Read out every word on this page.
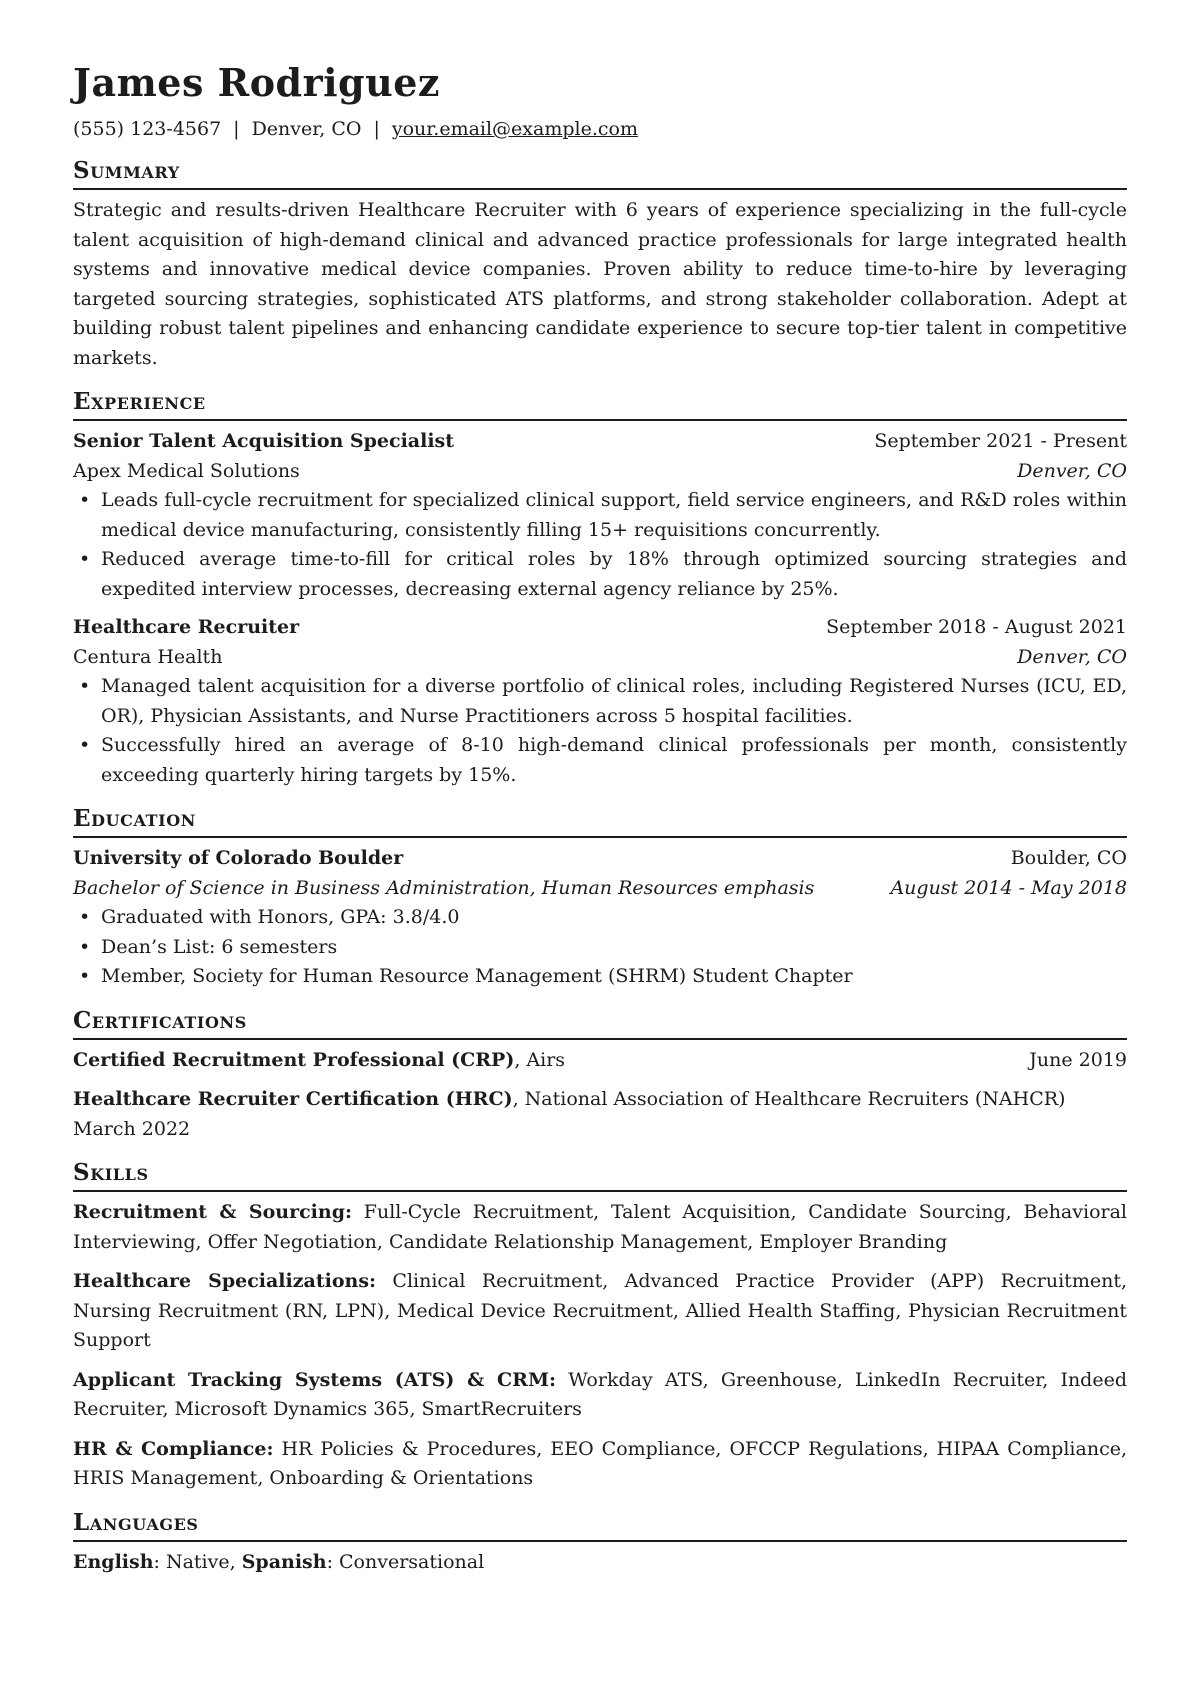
James Rodriguez
(555) 123-4567 | Denver, CO | your.email@example.com
Summary
Strategic and results-driven Healthcare Recruiter with 6 years of experience specializing in the full-cycle talent acquisition of high-demand clinical and advanced practice professionals for large integrated health systems and innovative medical device companies. Proven ability to reduce time-to-hire by leveraging targeted sourcing strategies, sophisticated ATS platforms, and strong stakeholder collaboration. Adept at building robust talent pipelines and enhancing candidate experience to secure top-tier talent in competitive markets.
Experience
Senior Talent Acquisition Specialist	September 2021 - Present
Apex Medical Solutions	Denver, CO
• Leads full-cycle recruitment for specialized clinical support, field service engineers, and R&D roles within medical device manufacturing, consistently filling 15+ requisitions concurrently.
• Reduced average time-to-fill for critical roles by 18% through optimized sourcing strategies and expedited interview processes, decreasing external agency reliance by 25%.
Healthcare Recruiter	September 2018 - August 2021
Centura Health	Denver, CO
• Managed talent acquisition for a diverse portfolio of clinical roles, including Registered Nurses (ICU, ED, OR), Physician Assistants, and Nurse Practitioners across 5 hospital facilities.
• Successfully hired an average of 8-10 high-demand clinical professionals per month, consistently exceeding quarterly hiring targets by 15%.
Education
University of Colorado Boulder	Boulder, CO
Bachelor of Science in Business Administration, Human Resources emphasis	August 2014 - May 2018
• Graduated with Honors, GPA: 3.8/4.0
• Dean’s List: 6 semesters
• Member, Society for Human Resource Management (SHRM) Student Chapter
Certifications
Certified Recruitment Professional (CRP), Airs	June 2019
Healthcare Recruiter Certification (HRC), National Association of Healthcare Recruiters (NAHCR)
March 2022
Skills
Recruitment & Sourcing: Full-Cycle Recruitment, Talent Acquisition, Candidate Sourcing, Behavioral Interviewing, Offer Negotiation, Candidate Relationship Management, Employer Branding
Healthcare Specializations: Clinical Recruitment, Advanced Practice Provider (APP) Recruitment, Nursing Recruitment (RN, LPN), Medical Device Recruitment, Allied Health Staffing, Physician Recruitment Support
Applicant Tracking Systems (ATS) & CRM: Workday ATS, Greenhouse, LinkedIn Recruiter, Indeed Recruiter, Microsoft Dynamics 365, SmartRecruiters
HR & Compliance: HR Policies & Procedures, EEO Compliance, OFCCP Regulations, HIPAA Compliance, HRIS Management, Onboarding & Orientations
Languages
English: Native, Spanish: Conversational
